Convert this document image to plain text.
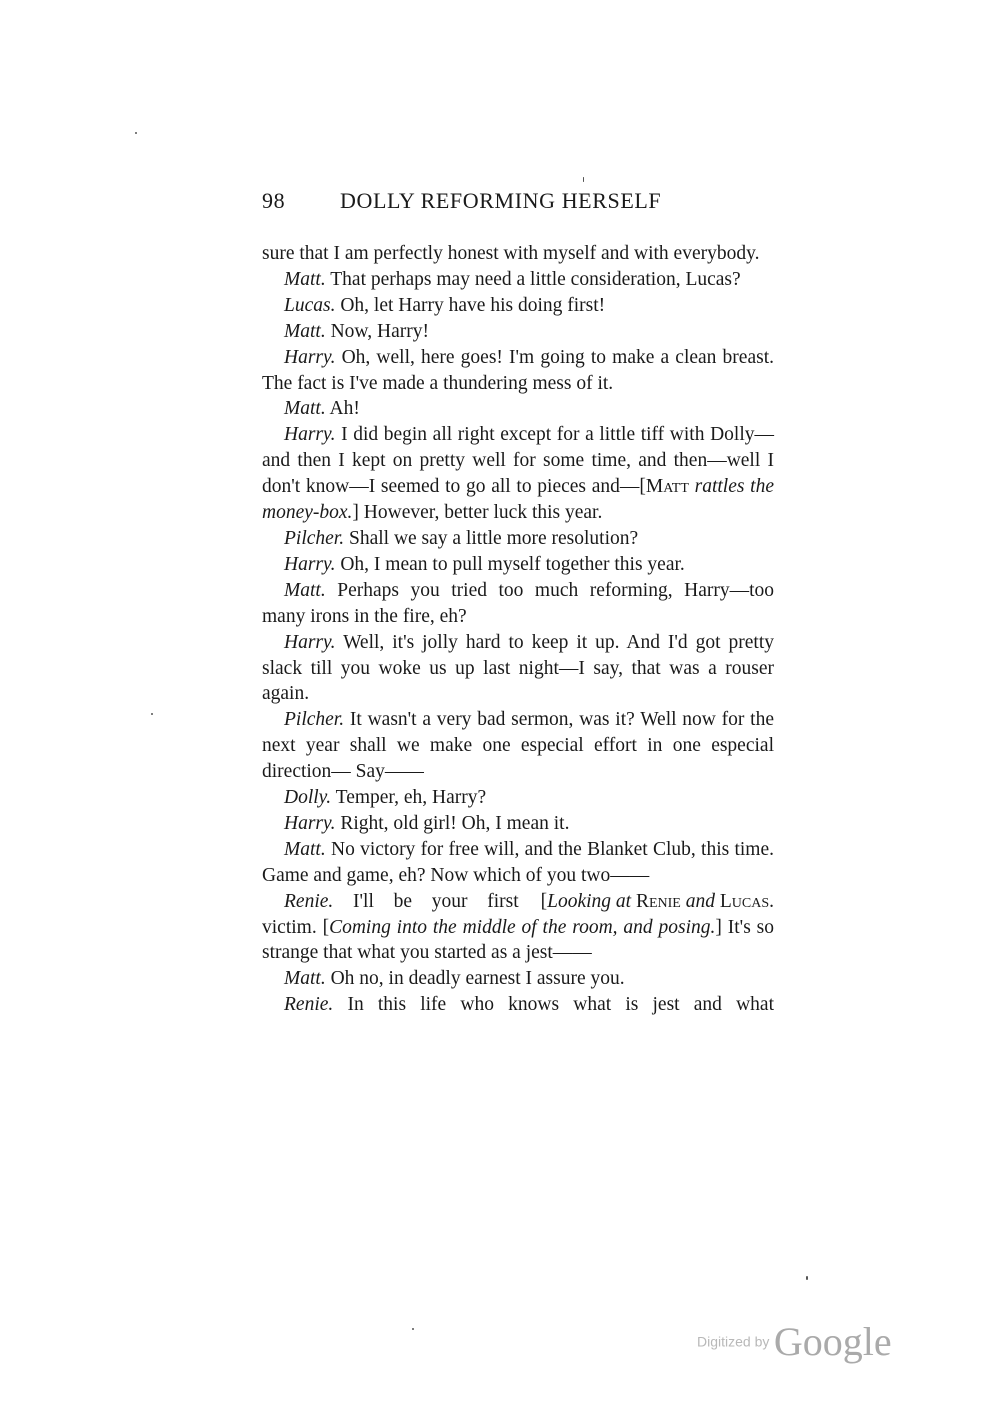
98 DOLLY REFORMING HERSELF

sure that I am perfectly honest with myself and with everybody.

Matt. That perhaps may need a little consideration, Lucas?

Lucas. Oh, let Harry have his doing first!

Matt. Now, Harry!

Harry. Oh, well, here goes! I'm going to make a clean breast. The fact is I've made a thundering mess of it.

Matt. Ah!

Harry. I did begin all right except for a little tiff with Dolly—and then I kept on pretty well for some time, and then—well I don't know—I seemed to go all to pieces and—[Matt rattles the money-box.] However, better luck this year.

Pilcher. Shall we say a little more resolution?

Harry. Oh, I mean to pull myself together this year.

Matt. Perhaps you tried too much reforming, Harry—too many irons in the fire, eh?

Harry. Well, it's jolly hard to keep it up. And I'd got pretty slack till you woke us up last night—I say, that was a rouser again.

Pilcher. It wasn't a very bad sermon, was it? Well now for the next year shall we make one especial effort in one especial direction— Say——

Dolly. Temper, eh, Harry?

Harry. Right, old girl! Oh, I mean it.

Matt. No victory for free will, and the Blanket Club, this time. Game and game, eh? Now which of you two——
[Looking at Renie and Lucas.

Renie. I'll be your first victim. [Coming into the middle of the room, and posing.] It's so strange that what you started as a jest——

Matt. Oh no, in deadly earnest I assure you.

Renie. In this life who knows what is jest and what

Digitized by Google
